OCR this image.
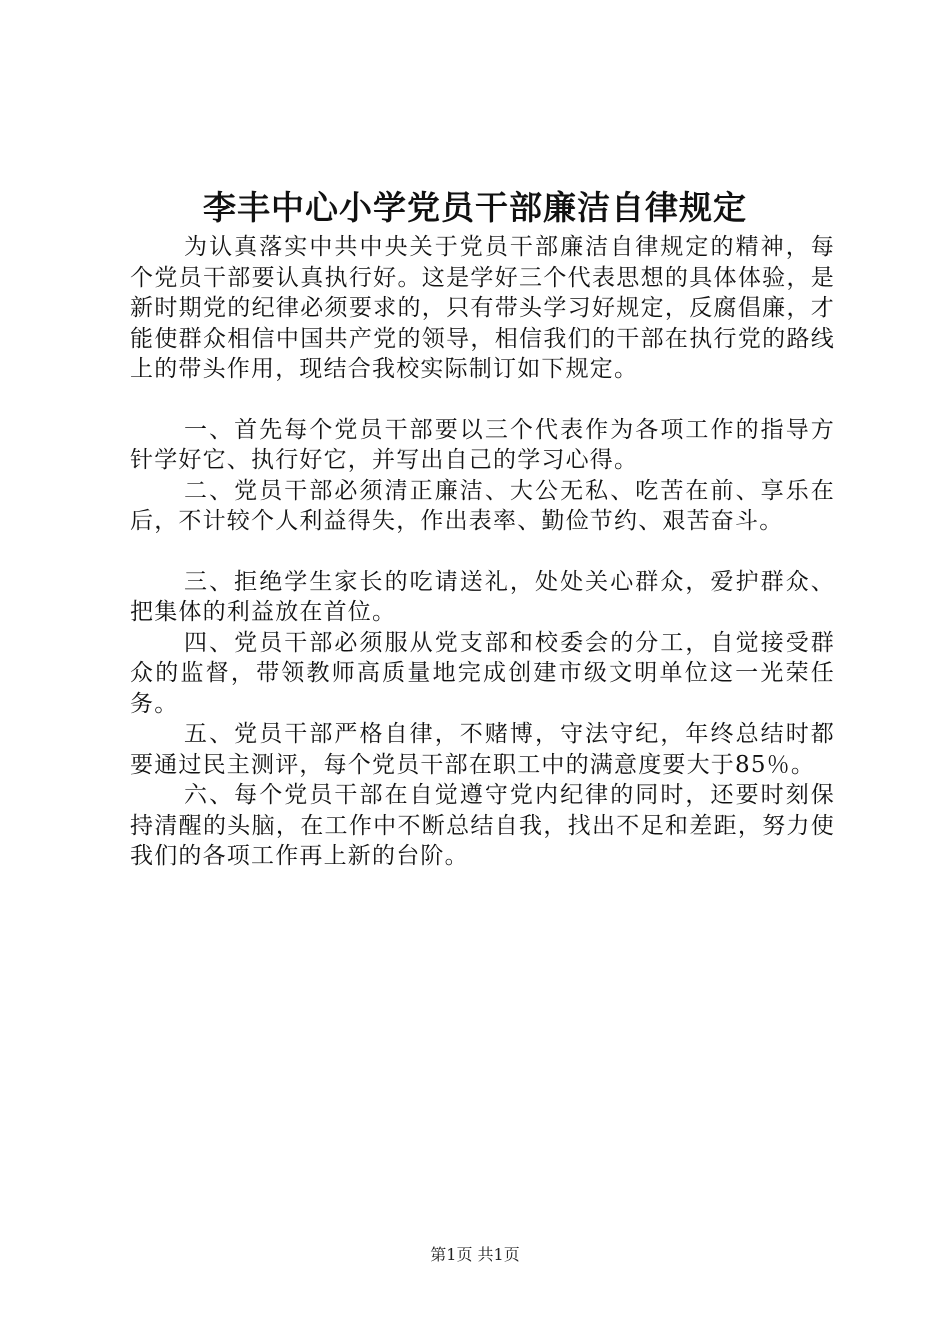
李丰中心小学党员干部廉洁自律规定

为认真落实中共中央关于党员干部廉洁自律规定的精神，每个党员干部要认真执行好。这是学好三个代表思想的具体体验，是新时期党的纪律必须要求的，只有带头学习好规定，反腐倡廉，才能使群众相信中国共产党的领导，相信我们的干部在执行党的路线上的带头作用，现结合我校实际制订如下规定。

一、首先每个党员干部要以三个代表作为各项工作的指导方针学好它、执行好它，并写出自己的学习心得。

二、党员干部必须清正廉洁、大公无私、吃苦在前、享乐在后，不计较个人利益得失，作出表率、勤俭节约、艰苦奋斗。

三、拒绝学生家长的吃请送礼，处处关心群众，爱护群众、把集体的利益放在首位。

四、党员干部必须服从党支部和校委会的分工，自觉接受群众的监督，带领教师高质量地完成创建市级文明单位这一光荣任务。

五、党员干部严格自律，不赌博，守法守纪，年终总结时都要通过民主测评，每个党员干部在职工中的满意度要大于85％。

六、每个党员干部在自觉遵守党内纪律的同时，还要时刻保持清醒的头脑，在工作中不断总结自我，找出不足和差距，努力使我们的各项工作再上新的台阶。

第1页 共1页
